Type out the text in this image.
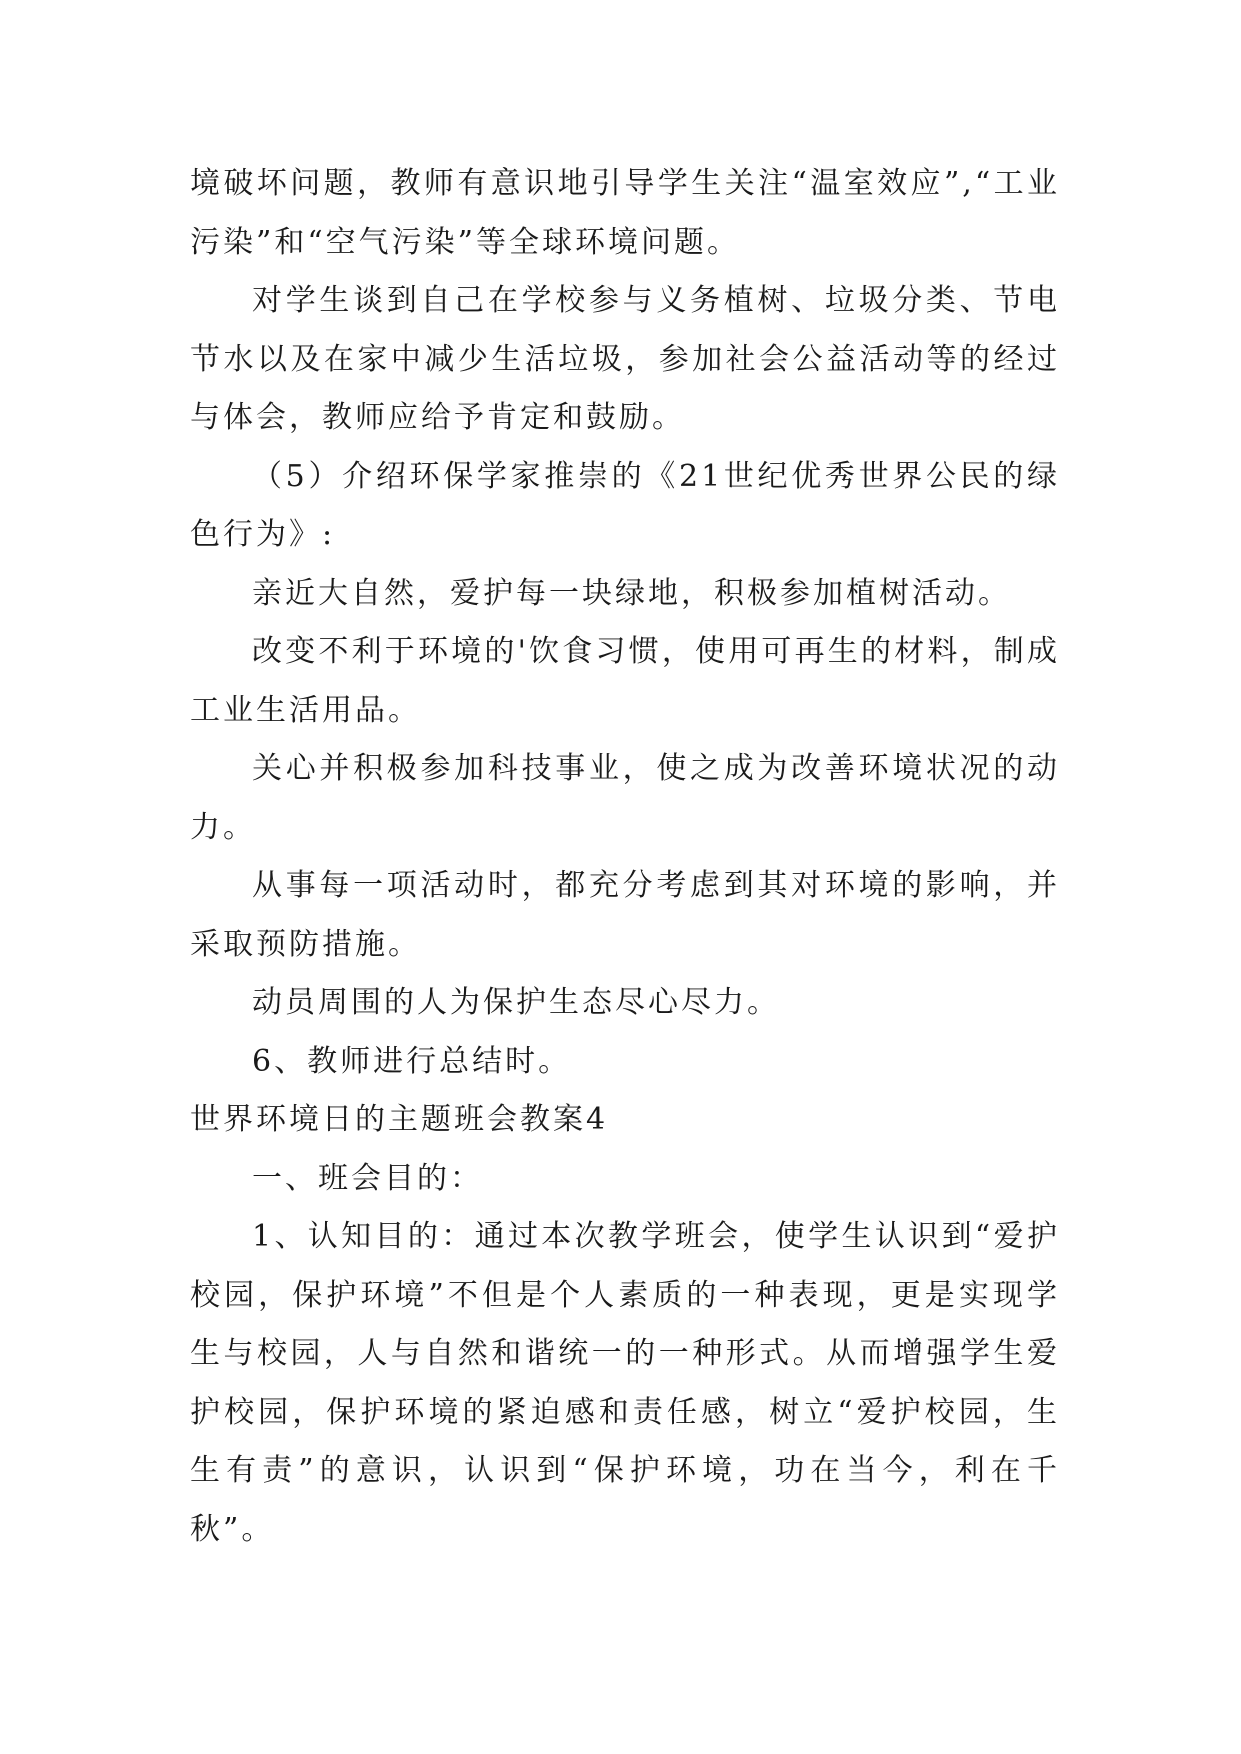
境破坏问题，教师有意识地引导学生关注“温室效应”,“工业污染”和“空气污染”等全球环境问题。

对学生谈到自己在学校参与义务植树、垃圾分类、节电节水以及在家中减少生活垃圾，参加社会公益活动等的经过与体会，教师应给予肯定和鼓励。

（5）介绍环保学家推崇的《21世纪优秀世界公民的绿色行为》:

亲近大自然，爱护每一块绿地，积极参加植树活动。

改变不利于环境的'饮食习惯，使用可再生的材料，制成工业生活用品。

关心并积极参加科技事业，使之成为改善环境状况的动力。

从事每一项活动时，都充分考虑到其对环境的影响，并采取预防措施。

动员周围的人为保护生态尽心尽力。

6、教师进行总结时。

世界环境日的主题班会教案4

一、班会目的：

1、认知目的：通过本次教学班会，使学生认识到“爱护校园，保护环境”不但是个人素质的一种表现，更是实现学生与校园，人与自然和谐统一的一种形式。从而增强学生爱护校园，保护环境的紧迫感和责任感，树立“爱护校园，生生有责”的意识，认识到“保护环境，功在当今，利在千秋”。
